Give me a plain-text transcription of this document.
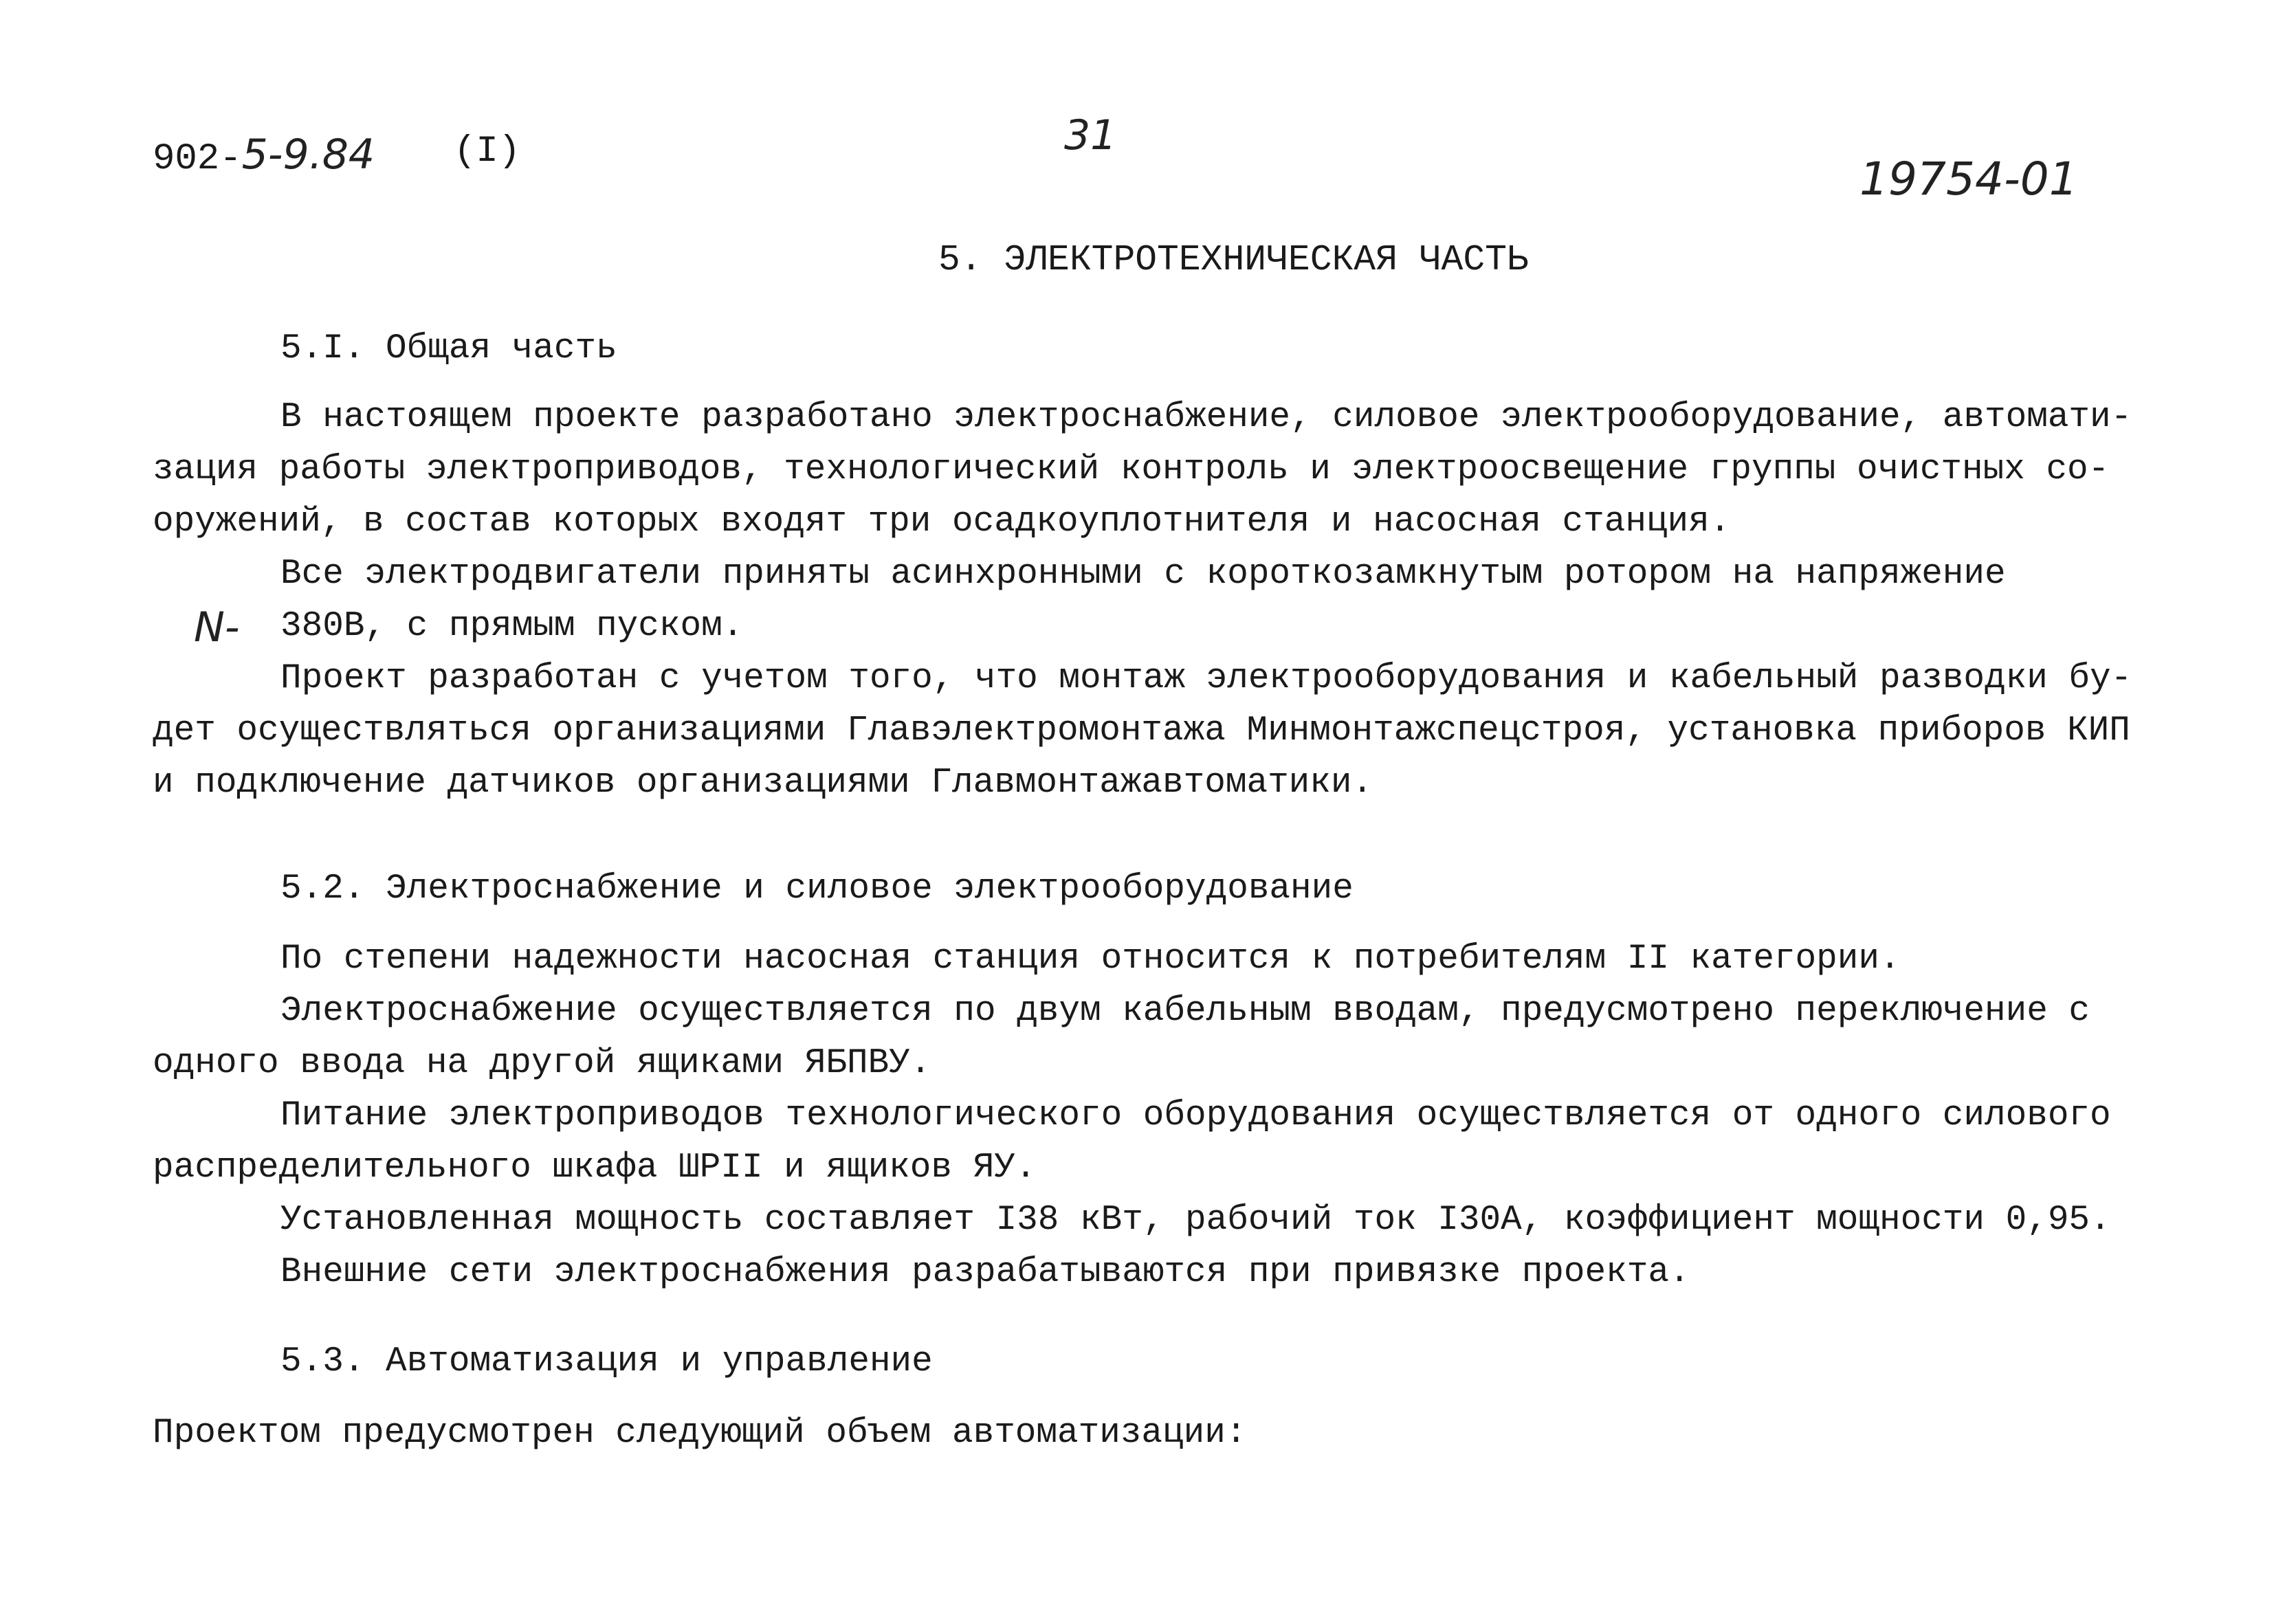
902-5-9.84 (I)	31
19754-01
5. ЭЛЕКТРОТЕХНИЧЕСКАЯ ЧАСТЬ
5.I. Общая часть
В настоящем проекте разработано электроснабжение, силовое электрооборудование, автомати-
зация работы электроприводов, технологический контроль и электроосвещение группы очистных со-
оружений, в состав которых входят три осадкоуплотнителя и насосная станция.
Все электродвигатели приняты асинхронными с короткозамкнутым ротором на напряжение
N- 380В, с прямым пуском.
Проект разработан с учетом того, что монтаж электрооборудования и кабельный разводки бу-
дет осуществляться организациями Главэлектромонтажа Минмонтажспецстроя, установка приборов КИП
и подключение датчиков организациями Главмонтажавтоматики.
5.2. Электроснабжение и силовое электрооборудование
По степени надежности насосная станция относится к потребителям II категории.
Электроснабжение осуществляется по двум кабельным вводам, предусмотрено переключение с
одного ввода на другой ящиками ЯБПВУ.
Питание электроприводов технологического оборудования осуществляется от одного силового
распределительного шкафа ШРII и ящиков ЯУ.
Установленная мощность составляет I38 кВт, рабочий ток I30А, коэффициент мощности 0,95.
Внешние сети электроснабжения разрабатываются при привязке проекта.
5.3. Автоматизация и управление
Проектом предусмотрен следующий объем автоматизации:
